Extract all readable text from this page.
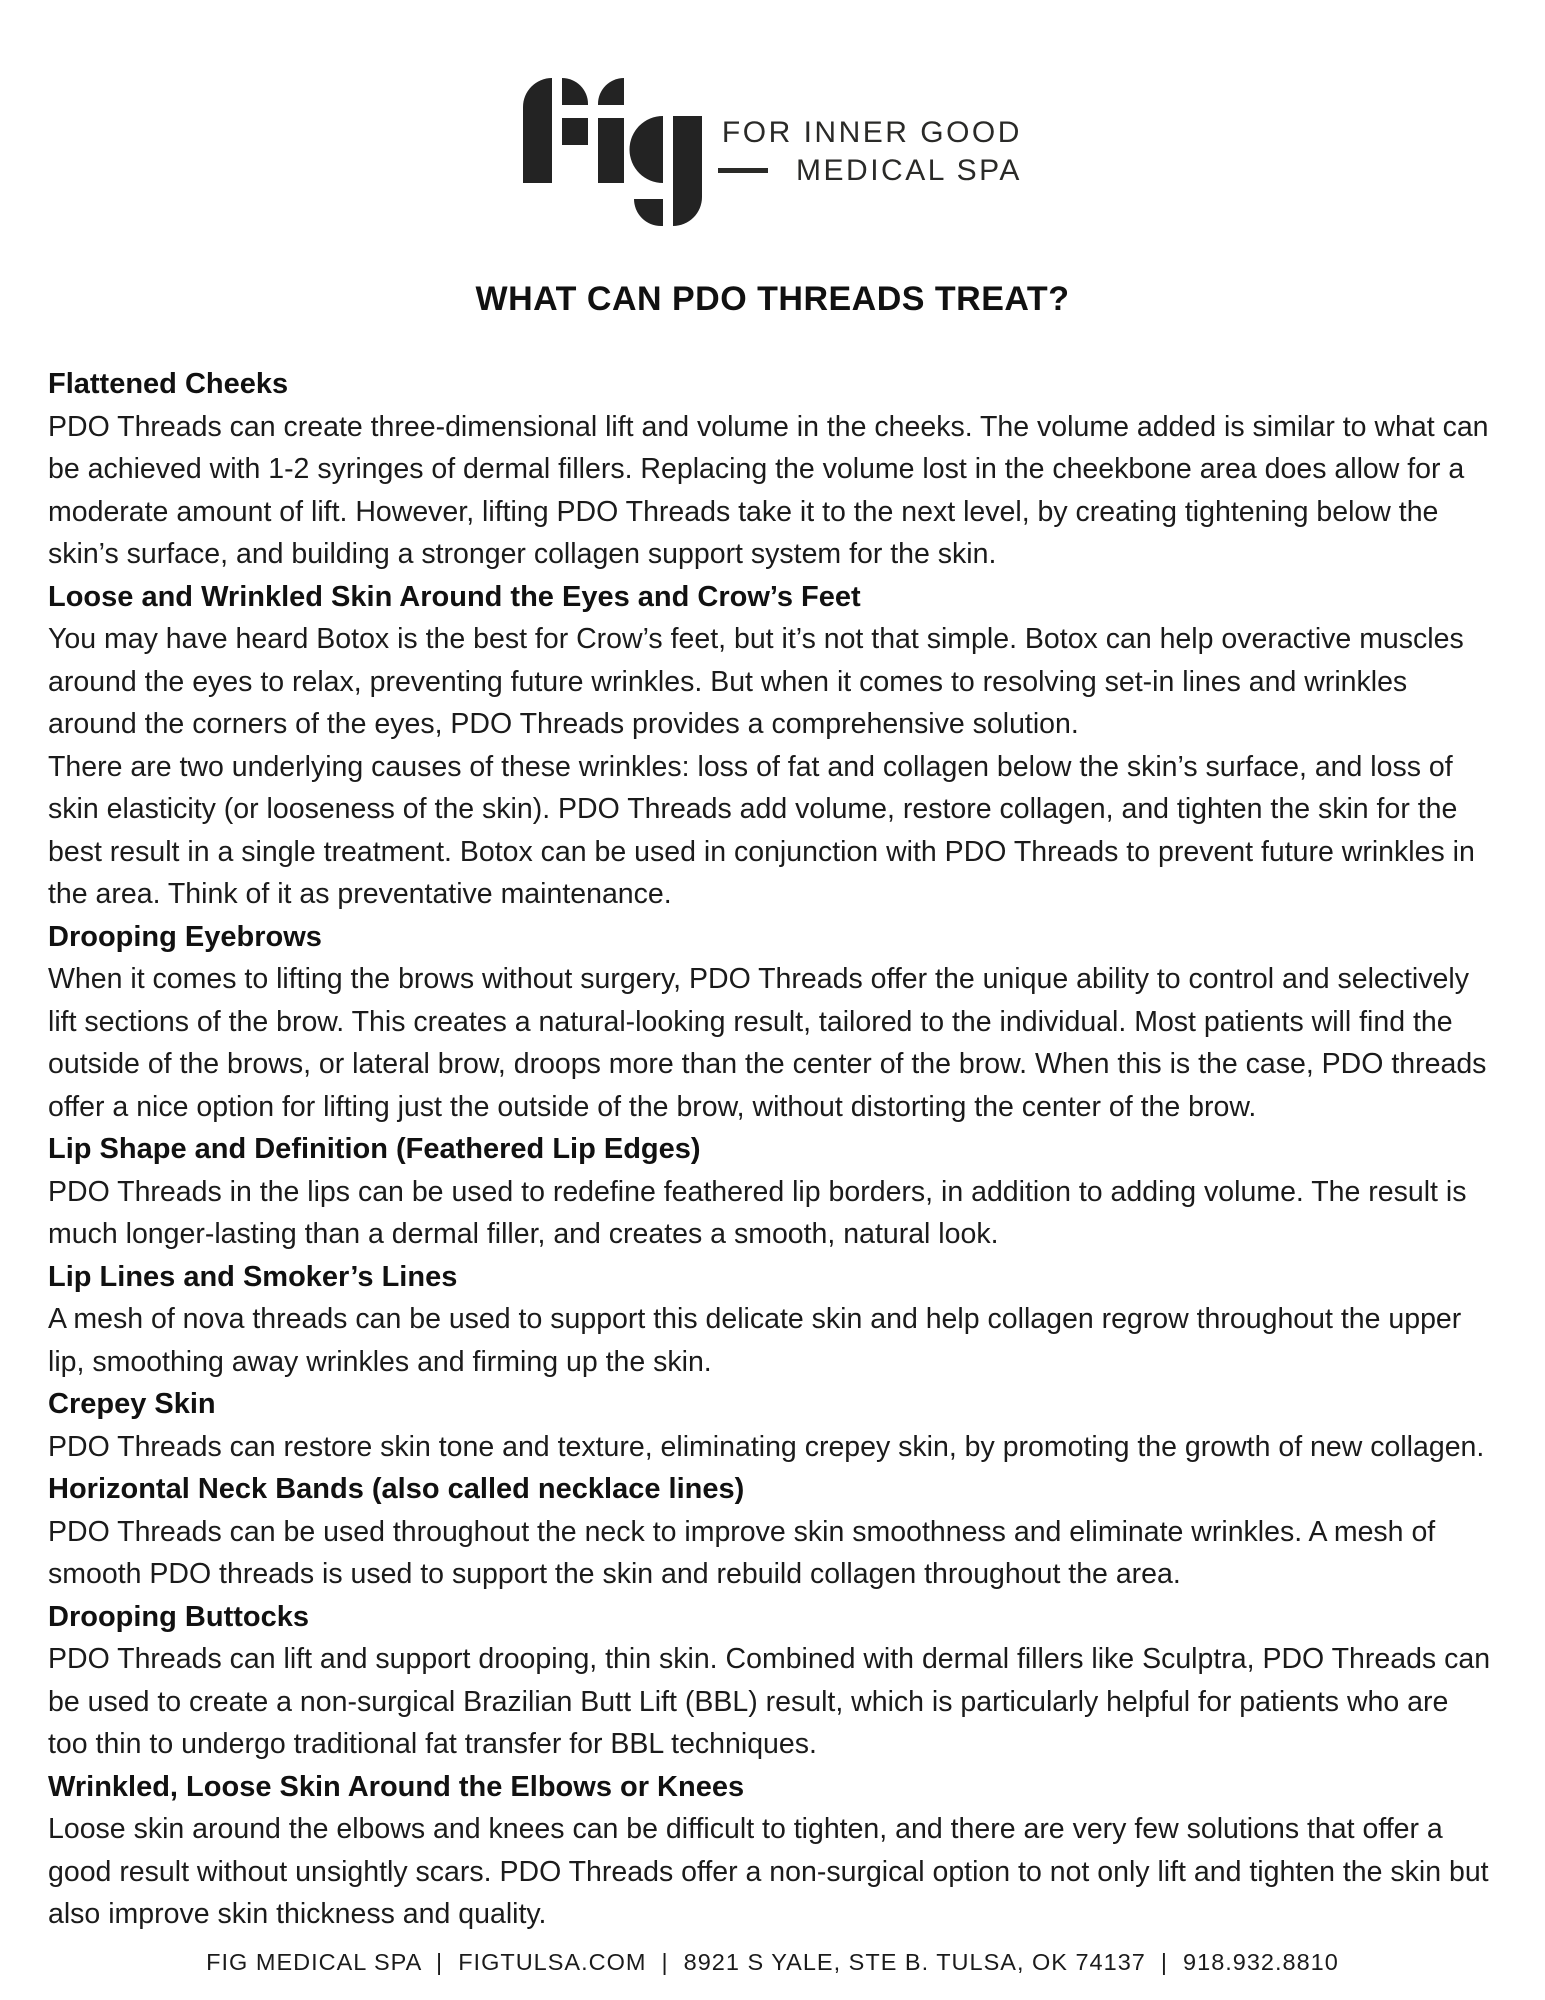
FOR INNER GOOD
MEDICAL SPA
WHAT CAN PDO THREADS TREAT?
Flattened Cheeks

PDO Threads can create three-dimensional lift and volume in the cheeks. The volume added is similar to what can be achieved with 1-2 syringes of dermal fillers. Replacing the volume lost in the cheekbone area does allow for a moderate amount of lift. However, lifting PDO Threads take it to the next level, by creating tightening below the skin’s surface, and building a stronger collagen support system for the skin.

Loose and Wrinkled Skin Around the Eyes and Crow’s Feet

You may have heard Botox is the best for Crow’s feet, but it’s not that simple. Botox can help overactive muscles around the eyes to relax, preventing future wrinkles. But when it comes to resolving set-in lines and wrinkles around the corners of the eyes, PDO Threads provides a comprehensive solution.

There are two underlying causes of these wrinkles: loss of fat and collagen below the skin’s surface, and loss of skin elasticity (or looseness of the skin). PDO Threads add volume, restore collagen, and tighten the skin for the best result in a single treatment. Botox can be used in conjunction with PDO Threads to prevent future wrinkles in the area. Think of it as preventative maintenance.

Drooping Eyebrows

When it comes to lifting the brows without surgery, PDO Threads offer the unique ability to control and selectively lift sections of the brow. This creates a natural-looking result, tailored to the individual. Most patients will find the outside of the brows, or lateral brow, droops more than the center of the brow. When this is the case, PDO threads offer a nice option for lifting just the outside of the brow, without distorting the center of the brow.

Lip Shape and Definition (Feathered Lip Edges)

PDO Threads in the lips can be used to redefine feathered lip borders, in addition to adding volume. The result is much longer-lasting than a dermal filler, and creates a smooth, natural look.

Lip Lines and Smoker’s Lines

A mesh of nova threads can be used to support this delicate skin and help collagen regrow throughout the upper lip, smoothing away wrinkles and firming up the skin.

Crepey Skin

PDO Threads can restore skin tone and texture, eliminating crepey skin, by promoting the growth of new collagen.

Horizontal Neck Bands (also called necklace lines)

PDO Threads can be used throughout the neck to improve skin smoothness and eliminate wrinkles. A mesh of smooth PDO threads is used to support the skin and rebuild collagen throughout the area.

Drooping Buttocks

PDO Threads can lift and support drooping, thin skin. Combined with dermal fillers like Sculptra, PDO Threads can be used to create a non-surgical Brazilian Butt Lift (BBL) result, which is particularly helpful for patients who are too thin to undergo traditional fat transfer for BBL techniques.

Wrinkled, Loose Skin Around the Elbows or Knees

Loose skin around the elbows and knees can be difficult to tighten, and there are very few solutions that offer a good result without unsightly scars. PDO Threads offer a non-surgical option to not only lift and tighten the skin but also improve skin thickness and quality.

FIG MEDICAL SPA  |  FIGTULSA.COM  |  8921 S YALE, STE B. TULSA, OK 74137  |  918.932.8810
